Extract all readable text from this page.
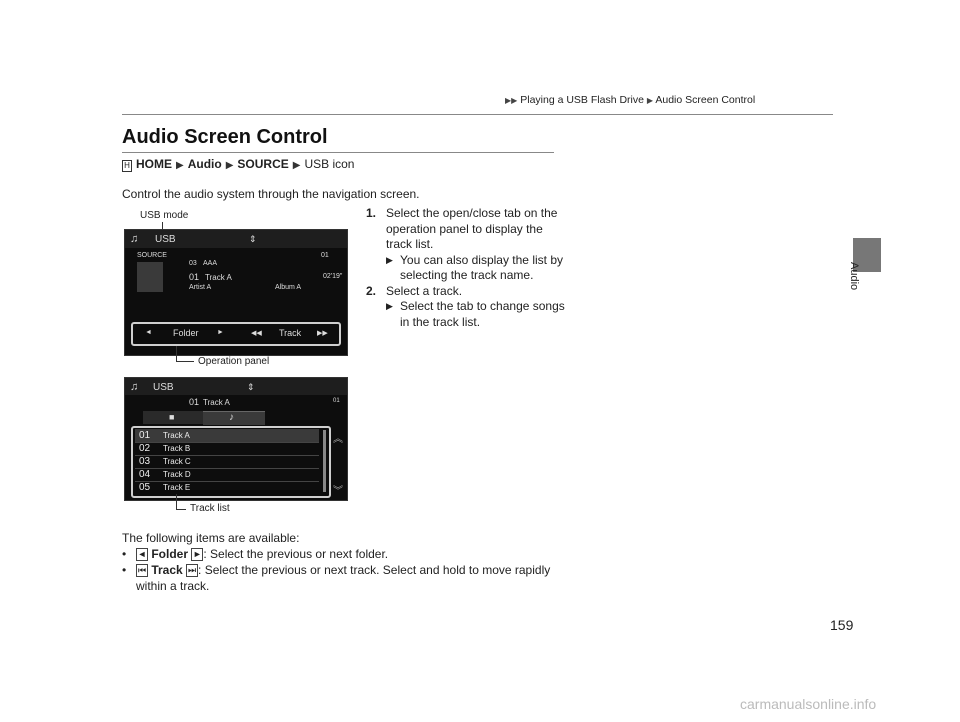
▶▶ Playing a USB Flash Drive ▶ Audio Screen Control
Audio
Audio Screen Control
H HOME ▶ Audio ▶ SOURCE ▶ USB icon
Control the audio system through the navigation screen.
1. Select the open/close tab on the
operation panel to display the
track list.
▶ You can also display the list by
selecting the track name.
2. Select a track.
▶ Select the tab to change songs
in the track list.
USB mode
♫ USB	⇕
SOURCE	01
03 AAA
01 Track A	02'19"
Artist A	Album A
◄ Folder	►	◀◀ Track ▶▶
Operation panel
♫ USB	⇕
01 Track A	01
■	♪
01 Track A
02 Track B
03 Track C
04 Track D
05 Track E
︽
︾
Track list
The following items are available:
• ◄ Folder ► : Select the previous or next folder.
• ⏮ Track ⏭ : Select the previous or next track. Select and hold to move rapidly
within a track.
159
carmanualsonline.info
